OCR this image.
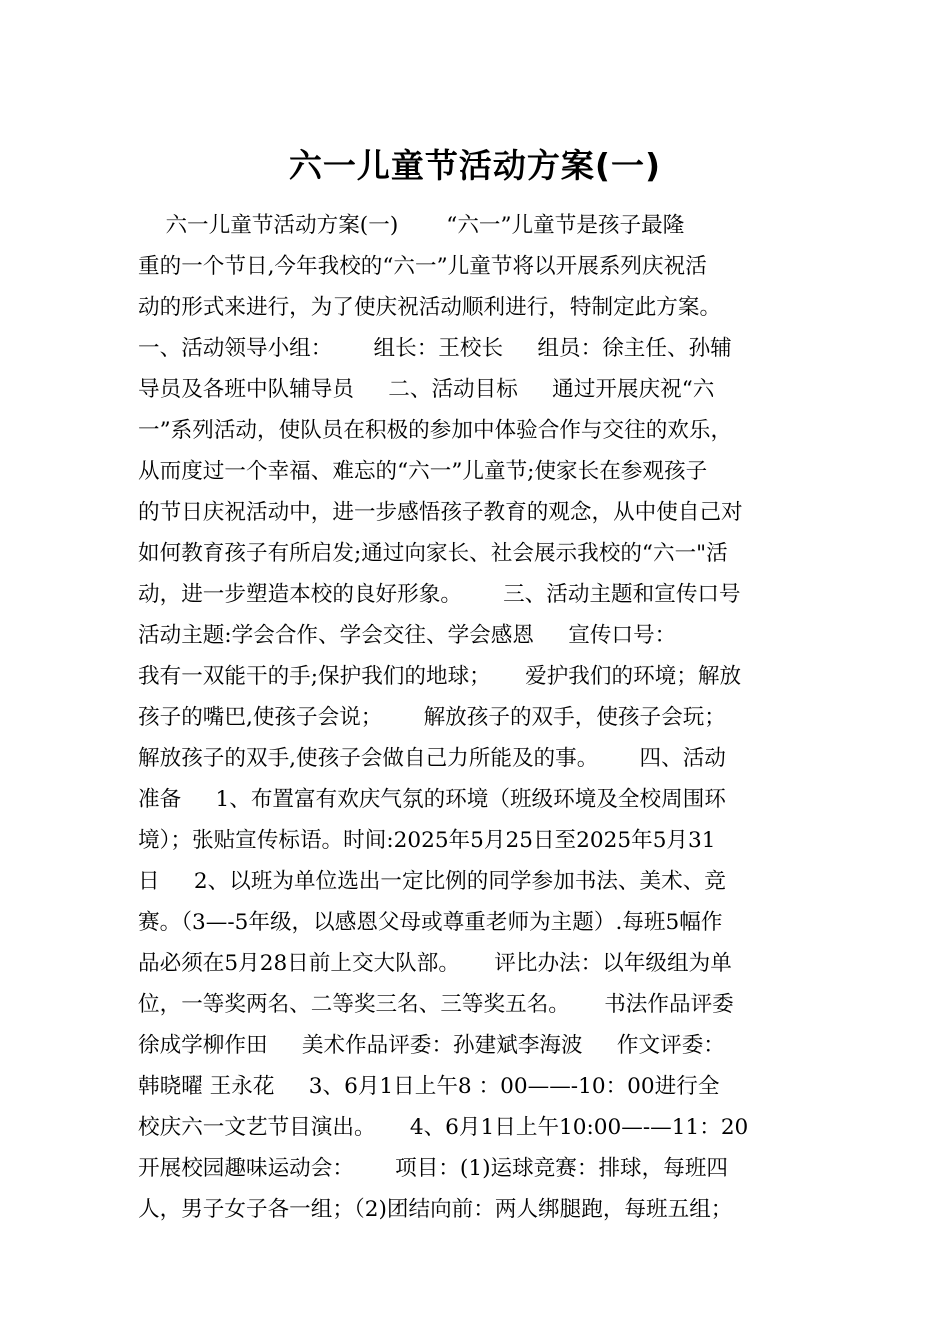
六一儿童节活动方案(一)
六一儿童节活动方案(一)       “六一”儿童节是孩子最隆
重的一个节日,今年我校的“六一”儿童节将以开展系列庆祝活
动的形式来进行，为了使庆祝活动顺利进行，特制定此方案。
一、活动领导小组：      组长：王校长     组员：徐主任、孙辅
导员及各班中队辅导员     二、活动目标     通过开展庆祝“六
一”系列活动，使队员在积极的参加中体验合作与交往的欢乐，
从而度过一个幸福、难忘的“六一”儿童节;使家长在参观孩子
的节日庆祝活动中，进一步感悟孩子教育的观念，从中使自己对
如何教育孩子有所启发;通过向家长、社会展示我校的“六一"活
动，进一步塑造本校的良好形象。      三、活动主题和宣传口号
活动主题:学会合作、学会交往、学会感恩     宣传口号：
我有一双能干的手;保护我们的地球；     爱护我们的环境；解放
孩子的嘴巴,使孩子会说；      解放孩子的双手，使孩子会玩；
解放孩子的双手,使孩子会做自己力所能及的事。      四、活动
准备     1、布置富有欢庆气氛的环境（班级环境及全校周围环
境）；张贴宣传标语。时间:2025年5月25日至2025年5月31
日     2、以班为单位选出一定比例的同学参加书法、美术、竞
赛。（3—-5年级，以感恩父母或尊重老师为主题）.每班5幅作
品必须在5月28日前上交大队部。     评比办法：以年级组为单
位，一等奖两名、二等奖三名、三等奖五名。     书法作品评委
徐成学柳作田     美术作品评委：孙建斌李海波     作文评委：
韩晓曜 王永花     3、6月1日上午8 ：00——-10：00进行全
校庆六一文艺节目演出。     4、6月1日上午10:00—-—11：20
开展校园趣味运动会：      项目：(1)运球竞赛：排球，每班四
人，男子女子各一组；（2)团结向前：两人绑腿跑，每班五组；
